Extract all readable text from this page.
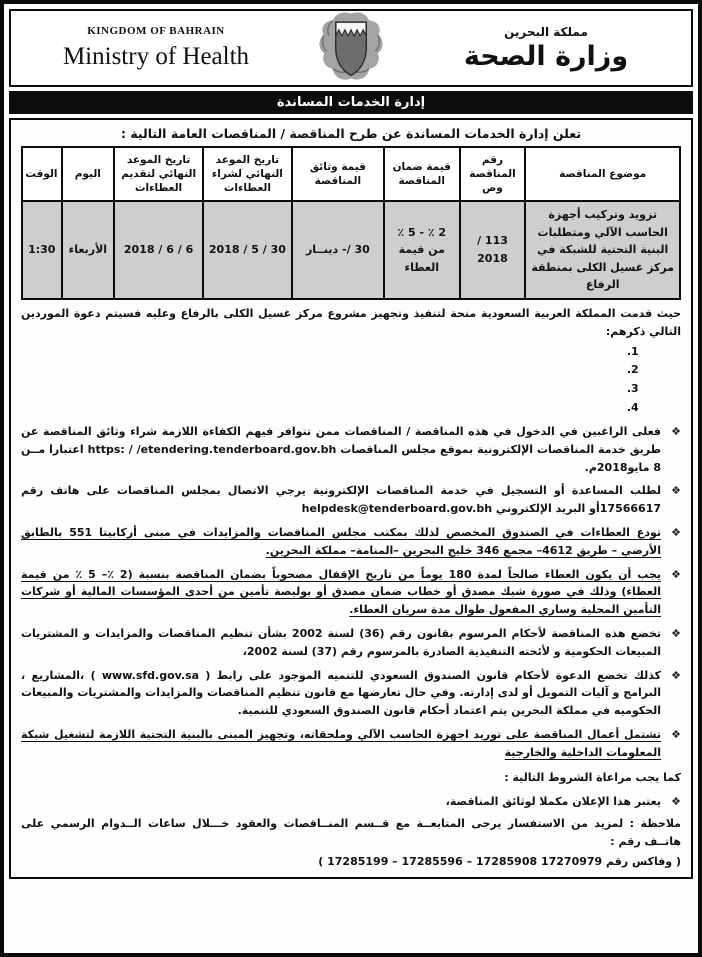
مملكة البحرين
وزارة الصحة
KINGDOM OF BAHRAIN
Ministry of Health
إدارة الخدمات المساندة
تعلن إدارة الخدمات المساندة عن طرح المناقصة / المناقصات العامة التالية :
موضوع المناقصة	رقم المناقصة وص	قيمة ضمان المناقصة	قيمة وثائق المناقصة	تاريخ الموعد النهائي لشراء العطاءات	تاريخ الموعد النهائي لتقديم العطاءات	اليوم	الوقت
تزويد وتركيب أجهزة الحاسب الآلي ومتطلبات البنية التحتية للشبكة في مركز غسيل الكلى بمنطقة الرفاع	113 / 2018	2 ٪ - 5 ٪ من قيمة العطاء	30 /- دينــار	30 / 5 / 2018	6 / 6 / 2018	الأربعاء	1:30
حيث قدمت المملكة العربية السعودية منحة لتنفيذ وتجهيز مشروع مركز غسيل الكلى بالرفاع وعليه فسيتم دعوة الموردين التالي ذكرهم:
1.
2.
3.
4.
❖
فعلى الراغبين في الدخول في هذه المناقصة / المناقصات ممن تتوافر فيهم الكفاءة اللازمة شراء وثائق المناقصة عن طريق خدمة المناقصات الإلكترونية بموقع مجلس المناقصات https: / /etendering.tenderboard.gov.bh اعتبارا مــن 8 مايو2018م.
❖
لطلب المساعدة أو التسجيل في خدمة المناقصات الإلكترونية يرجي الاتصال بمجلس المناقصات على هاتف رقم 17566617أو البريد الإلكتروني helpdesk@tenderboard.gov.bh
❖
تودع العطاءات في الصندوق المخصص لذلك بمكتب مجلس المناقصات والمزايدات في مبنى أركابيتا 551 بالطابق الأرضي – طريق 4612– مجمع 346 خليج البحرين –المنامة– مملكة البحرين.
❖
يجب أن يكون العطاء صالحاً لمدة 180 يوماً من تاريخ الإقفال مصحوباً بضمان المناقصة بنسبة (2 ٪– 5 ٪ من قيمة العطاء) وذلك في صورة شيك مصدق أو خطاب ضمان مصدق أو بوليصة تأمين من أحدى المؤسسات المالية أو شركات التأمين المحلية وساري المفعول طوال مدة سريان العطاء.
❖
تخضع هذه المناقصة لأحكام المرسوم بقانون رقم (36) لسنة 2002 بشأن تنظيم المناقصات والمزايدات و المشتريات المبيعات الحكومية و لأئحته التنفيذية الصادرة بالمرسوم رقم (37) لسنة 2002،
❖
كذلك تخضع الدعوة لأحكام قانون الصندوق السعودي للتنميه الموجود على رابط ( www.sfd.gov.sa ) ،المشاريع ، البرامج و آليات التمويل أو لدى إدارته. وفي حال تعارضها مع قانون تنظيم المناقصات والمزايدات والمشتريات والمبيعات الحكوميه في مملكة البحرين يتم اعتماد أحكام قانون الصندوق السعودي للتنمية.
❖
تشتمل أعمال المناقصة على توريد اجهزة الحاسب الآلي وملحقاته، وتجهيز المبنى بالبنية التحتية اللازمة لتشغيل شبكة المعلومات الداخلية والخارجية
كما يجب مراعاة الشروط التالية :
❖
يعتبر هذا الإعلان مكملا لوثائق المناقصة،
ملاحظة : لمزيد من الاستفسار يرجى المتابعــة مع قــسم المنــاقصات والعقود خـــلال ساعات الــدوام الرسمي على هاتــف رقم :
( 17285199 – 17285596 – 17285908 وفاكس رقم 17270979 )
